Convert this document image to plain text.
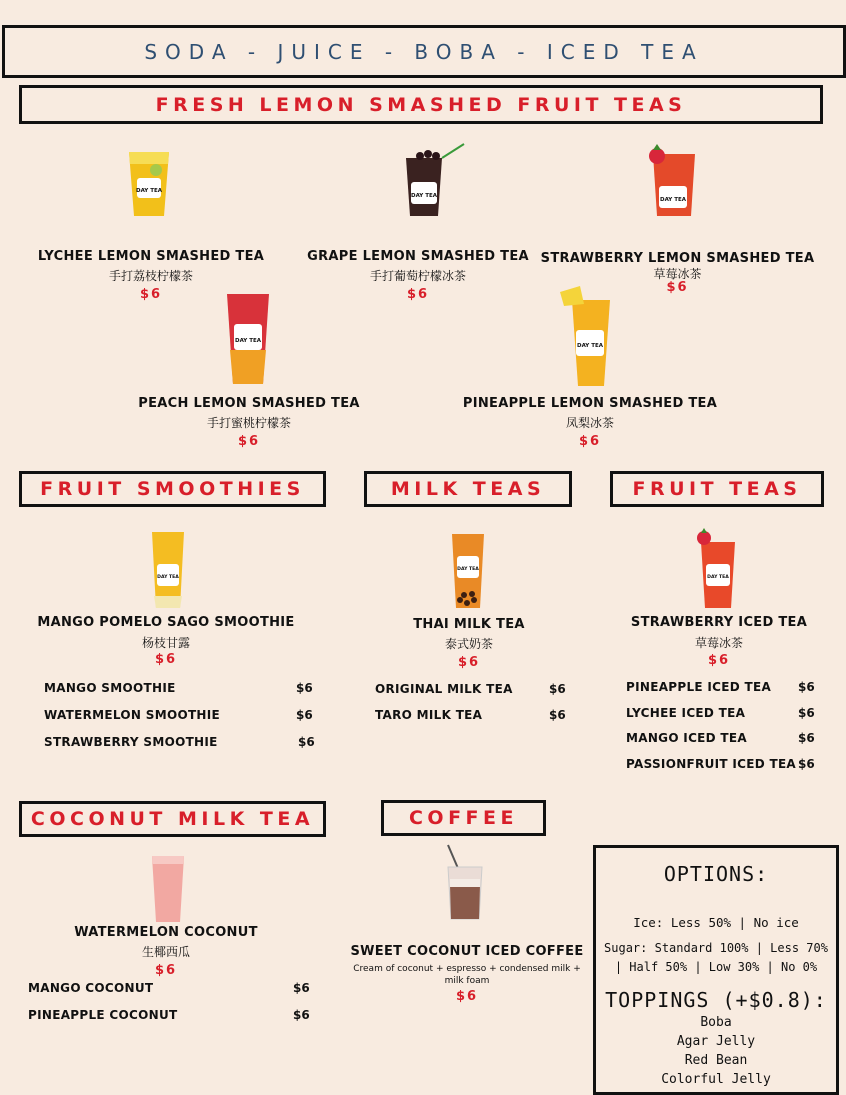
SODA - JUICE - BOBA - ICED TEA
FRESH LEMON SMASHED FRUIT TEAS
DAY TEA
DAY TEA
DAY TEA
DAY TEA
DAY TEA
LYCHEE LEMON SMASHED TEA
手打荔枝柠檬茶
$6
GRAPE LEMON SMASHED TEA
手打葡萄柠檬冰茶
$6
STRAWBERRY LEMON SMASHED TEA
草莓冰茶
$6
PEACH LEMON SMASHED TEA
手打蜜桃柠檬茶
$6
PINEAPPLE LEMON SMASHED TEA
凤梨冰茶
$6
FRUIT SMOOTHIES
DAY TEA
MANGO POMELO SAGO SMOOTHIE
杨枝甘露
$6
MANGO SMOOTHIE	$6
WATERMELON SMOOTHIE	$6
STRAWBERRY SMOOTHIE	$6
MILK TEAS
DAY TEA
THAI MILK TEA
泰式奶茶
$6
ORIGINAL MILK TEA	$6
TARO MILK TEA	$6
FRUIT TEAS
DAY TEA
STRAWBERRY ICED TEA
草莓冰茶
$6
PINEAPPLE ICED TEA $6
LYCHEE ICED TEA	$6
MANGO ICED TEA	$6
PASSIONFRUIT ICED TEA $6
COCONUT MILK TEA
WATERMELON COCONUT
生椰西瓜
$6
MANGO COCONUT	$6
PINEAPPLE COCONUT	$6
COFFEE
SWEET COCONUT ICED COFFEE
Cream of coconut + espresso + condensed milk +
milk foam
$6
OPTIONS:
Ice: Less 50% | No ice
Sugar: Standard 100% | Less 70%
| Half 50% | Low 30% | No 0%
TOPPINGS (+$0.8):
Boba
Agar Jelly
Red Bean
Colorful Jelly
